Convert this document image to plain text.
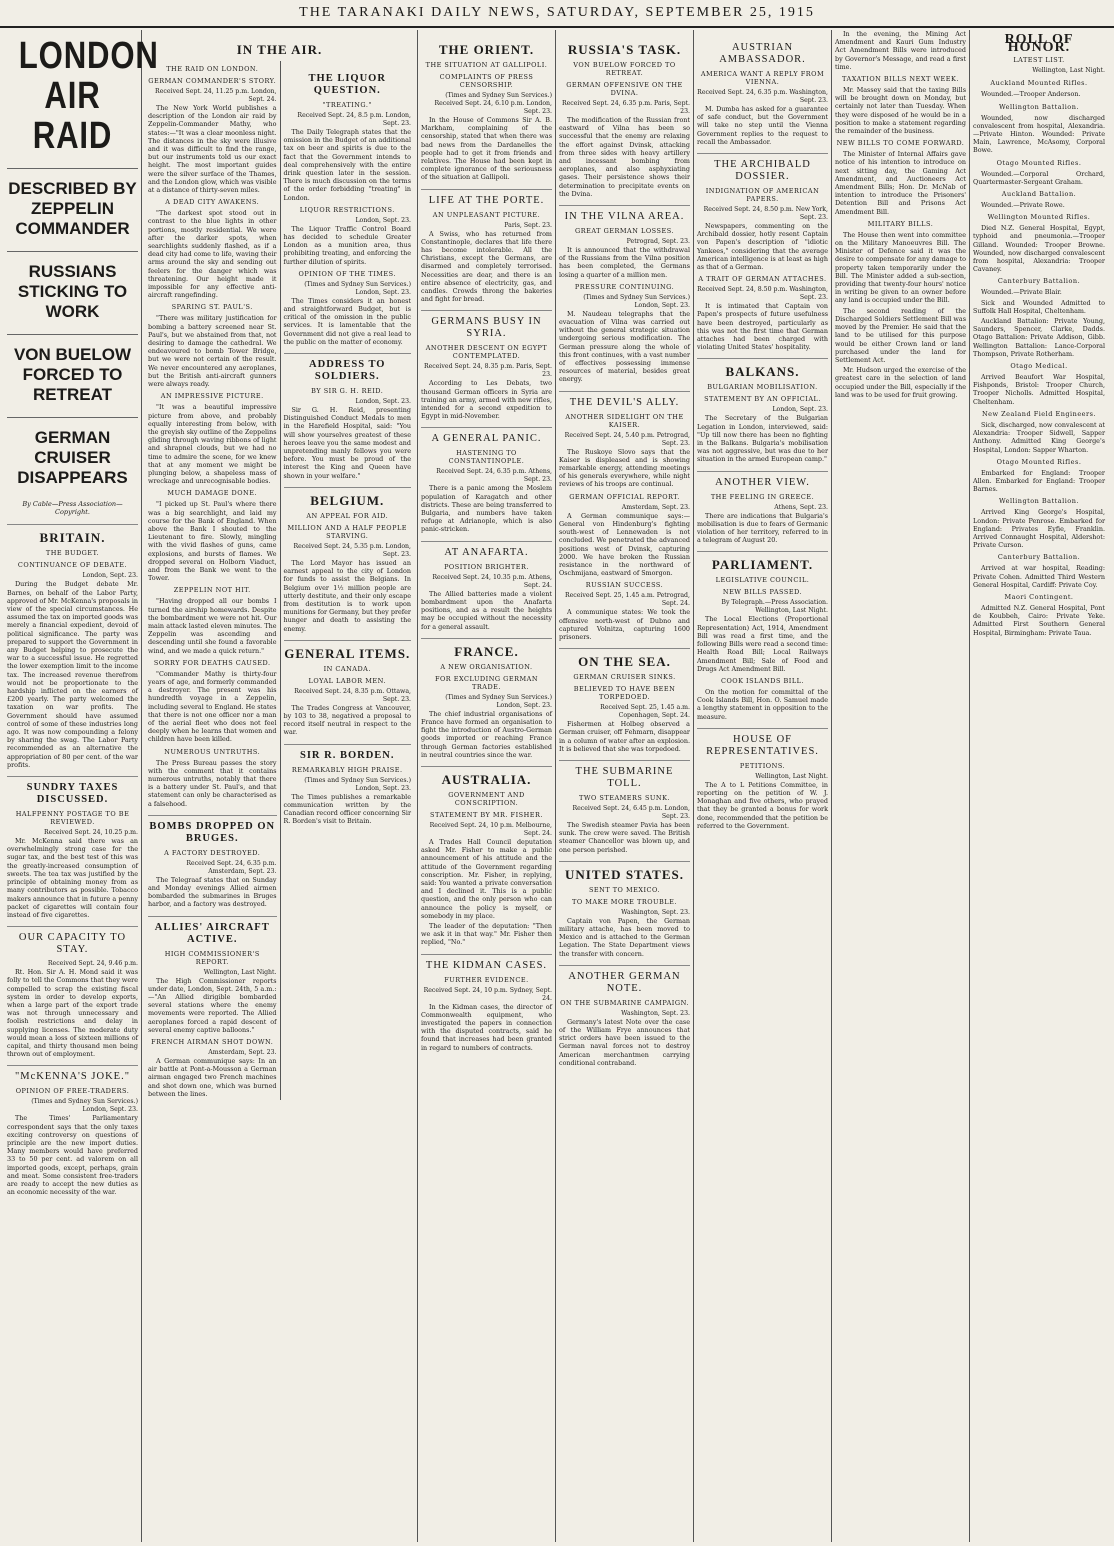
THE TARANAKI DAILY NEWS, SATURDAY, SEPTEMBER 25, 1915
LONDON AIR RAID
DESCRIBED BY ZEPPELIN COMMANDER
RUSSIANS STICKING TO WORK
VON BUELOW FORCED TO RETREAT
GERMAN CRUISER DISAPPEARS
By Cable—Press Association—Copyright.
BRITAIN.
THE BUDGET.
CONTINUANCE OF DEBATE.
London, Sept. 23.

During the Budget debate Mr. Barnes, on behalf of the Labor Party, approved of Mr. McKenna's proposals in view of the special circumstances. He assumed the tax on imported goods was merely a financial expedient, devoid of political significance. The party was prepared to support the Government in any Budget helping to prosecute the war to a successful issue. He regretted the lower exemption limit to the income tax. The increased revenue therefrom would not be proportionate to the hardship inflicted on the earners of £200 yearly. The party welcomed the taxation on war profits. The Government should have assumed control of some of these industries long ago. It was now compounding a felony by sharing the swag. The Labor Party recommended as an alternative the appropriation of 80 per cent. of the war profits.

SUNDRY TAXES DISCUSSED.
HALFPENNY POSTAGE TO BE REVIEWED.
Received Sept. 24, 10.25 p.m.

Mr. McKenna said there was an overwhelmingly strong case for the sugar tax, and the best test of this was the greatly-increased consumption of sweets. The tea tax was justified by the principle of obtaining money from as many contributors as possible. Tobacco makers announce that in future a penny packet of cigarettes will contain four instead of five cigarettes.

OUR CAPACITY TO STAY.
Received Sept. 24, 9.46 p.m.

Rt. Hon. Sir A. H. Mond said it was folly to tell the Commons that they were compelled to scrap the existing fiscal system in order to develop exports, when a large part of the export trade was not through unnecessary and foolish restrictions and delay in supplying licenses. The moderate duty would mean a loss of sixteen millions of capital, and thirty thousand men being thrown out of employment.

"McKENNA'S JOKE."
OPINION OF FREE-TRADERS.
(Times and Sydney Sun Services.) London, Sept. 23.

The Times' Parliamentary correspondent says that the only taxes exciting controversy on questions of principle are the new import duties. Many members would have preferred 33 to 50 per cent. ad valorem on all imported goods, except, perhaps, grain and meat. Some consistent free-traders are ready to accept the new duties as an economic necessity of the war.

IN THE AIR.
THE RAID ON LONDON.
GERMAN COMMANDER'S STORY.
Received Sept. 24, 11.25 p.m. London, Sept. 24.

The New York World publishes a description of the London air raid by Zeppelin-Commander Mathy, who states:—"It was a clear moonless night. The distances in the sky were illusive and it was difficult to find the range, but our instruments told us our exact height. The most important guides were the silver surface of the Thames, and the London glow, which was visible at a distance of thirty-seven miles.

A DEAD CITY AWAKENS.

"The darkest spot stood out in contrast to the blue lights in other portions, mostly residential. We were after the darker spots, when searchlights suddenly flashed, as if a dead city had come to life, waving their arms around the sky and sending out feelers for the danger which was threatening. Our height made it impossible for any effective anti-aircraft rangefinding.

SPARING ST. PAUL'S.

"There was military justification for bombing a battery screened near St. Paul's, but we abstained from that, not desiring to damage the cathedral. We endeavoured to bomb Tower Bridge, but we were not certain of the result. We never encountered any aeroplanes, but the British anti-aircraft gunners were always ready.

AN IMPRESSIVE PICTURE.

"It was a beautiful impressive picture from above, and probably equally interesting from below, with the greyish sky outline of the Zeppelins gliding through waving ribbons of light and shrapnel clouds, but we had no time to admire the scene, for we knew that at any moment we might be plunging below, a shapeless mass of wreckage and unrecognisable bodies.

MUCH DAMAGE DONE.

"I picked up St. Paul's where there was a big searchlight, and laid my course for the Bank of England. When above the Bank I shouted to the Lieutenant to fire. Slowly, mingling with the vivid flashes of guns, came explosions, and bursts of flames. We dropped several on Holborn Viaduct, and from the Bank we went to the Tower.

ZEPPELIN NOT HIT.

"Having dropped all our bombs I turned the airship homewards. Despite the bombardment we were not hit. Our main attack lasted eleven minutes. The Zeppelin was ascending and descending until she found a favorable wind, and we made a quick return."

SORRY FOR DEATHS CAUSED.

"Commander Mathy is thirty-four years of age, and formerly commanded a destroyer. The present was his hundredth voyage in a Zeppelin, including several to England. He states that there is not one officer nor a man of the aerial fleet who does not feel deeply when he learns that women and children have been killed.

NUMEROUS UNTRUTHS.

The Press Bureau passes the story with the comment that it contains numerous untruths, notably that there is a battery under St. Paul's, and that statement can only be characterised as a falsehood.

BOMBS DROPPED ON BRUGES.
A FACTORY DESTROYED.
Received Sept. 24, 6.35 p.m. Amsterdam, Sept. 23.

The Telegraaf states that on Sunday and Monday evenings Allied airmen bombarded the submarines in Bruges harbor, and a factory was destroyed.

ALLIES' AIRCRAFT ACTIVE.
HIGH COMMISSIONER'S REPORT.
Wellington, Last Night.

The High Commissioner reports under date, London, Sept. 24th, 5 a.m.:—"An Allied dirigible bombarded several stations where the enemy movements were reported. The Allied aeroplanes forced a rapid descent of several enemy captive balloons."

FRENCH AIRMAN SHOT DOWN.
Amsterdam, Sept. 23.

A German communique says: In an air battle at Pont-a-Mousson a German airman engaged two French machines and shot down one, which was burned between the lines.

THE LIQUOR QUESTION.
"TREATING."
Received Sept. 24, 8.5 p.m. London, Sept. 23.

The Daily Telegraph states that the omission in the Budget of an additional tax on beer and spirits is due to the fact that the Government intends to deal comprehensively with the entire drink question later in the session. There is much discussion on the terms of the order forbidding "treating" in London.

LIQUOR RESTRICTIONS.
London, Sept. 23.

The Liquor Traffic Control Board has decided to schedule Greater London as a munition area, thus prohibiting treating, and enforcing the further dilution of spirits.

OPINION OF THE TIMES.
(Times and Sydney Sun Services.) London, Sept. 23.

The Times considers it an honest and straightforward Budget, but is critical of the omission in the public services. It is lamentable that the Government did not give a real lead to the public on the matter of economy.

ADDRESS TO SOLDIERS.
BY SIR G. H. REID.
London, Sept. 23.

Sir G. H. Reid, presenting Distinguished Conduct Medals to men in the Harefield Hospital, said: "You will show yourselves greatest of these heroes leave you the same modest and unpretending manly fellows you were before. You must be proud of the interest the King and Queen have shown in your welfare."

BELGIUM.
AN APPEAL FOR AID.
MILLION AND A HALF PEOPLE STARVING.
Received Sept. 24, 5.35 p.m. London, Sept. 23.

The Lord Mayor has issued an earnest appeal to the city of London for funds to assist the Belgians. In Belgium over 1½ million people are utterly destitute, and their only escape from destitution is to work upon munitions for Germany, but they prefer hunger and death to assisting the enemy.

GENERAL ITEMS.
IN CANADA.
LOYAL LABOR MEN.
Received Sept. 24, 8.35 p.m. Ottawa, Sept. 23.

The Trades Congress at Vancouver, by 103 to 38, negatived a proposal to record itself neutral in respect to the war.

SIR R. BORDEN.
REMARKABLY HIGH PRAISE.
(Times and Sydney Sun Services.) London, Sept. 23.

The Times publishes a remarkable communication written by the Canadian record officer concerning Sir R. Borden's visit to Britain.

THE ORIENT.
THE SITUATION AT GALLIPOLI.
COMPLAINTS OF PRESS CENSORSHIP.
(Times and Sydney Sun Services.) Received Sept. 24, 6.10 p.m. London, Sept. 23.

In the House of Commons Sir A. B. Markham, complaining of the censorship, stated that when there was bad news from the Dardanelles the people had to get it from friends and relatives. The House had been kept in complete ignorance of the seriousness of the situation at Gallipoli.

LIFE AT THE PORTE.
AN UNPLEASANT PICTURE.
Paris, Sept. 23.

A Swiss, who has returned from Constantinople, declares that life there has become intolerable. All the Christians, except the Germans, are disarmed and completely terrorised. Necessities are dear, and there is an entire absence of electricity, gas, and candles. Crowds throng the bakeries and fight for bread.

GERMANS BUSY IN SYRIA.
ANOTHER DESCENT ON EGYPT CONTEMPLATED.
Received Sept. 24, 8.35 p.m. Paris, Sept. 23.

According to Les Debats, two thousand German officers in Syria are training an army, armed with new rifles, intended for a second expedition to Egypt in mid-November.

A GENERAL PANIC.
HASTENING TO CONSTANTINOPLE.
Received Sept. 24, 6.35 p.m. Athens, Sept. 23.

There is a panic among the Moslem population of Karagatch and other districts. These are being transferred to Bulgaria, and numbers have taken refuge at Adrianople, which is also panic-stricken.

AT ANAFARTA.
POSITION BRIGHTER.
Received Sept. 24, 10.35 p.m. Athens, Sept. 24.

The Allied batteries made a violent bombardment upon the Anafarta positions, and as a result the heights may be occupied without the necessity for a general assault.

FRANCE.
A NEW ORGANISATION.
FOR EXCLUDING GERMAN TRADE.
(Times and Sydney Sun Services.) London, Sept. 23.

The chief industrial organisations of France have formed an organisation to fight the introduction of Austro-German goods imported or reaching France through German factories established in neutral countries since the war.

AUSTRALIA.
GOVERNMENT AND CONSCRIPTION.
STATEMENT BY MR. FISHER.
Received Sept. 24, 10 p.m. Melbourne, Sept. 24.

A Trades Hall Council deputation asked Mr. Fisher to make a public announcement of his attitude and the attitude of the Government regarding conscription. Mr. Fisher, in replying, said: You wanted a private conversation and I declined it. This is a public question, and the only person who can announce the policy is myself, or somebody in my place.

The leader of the deputation: "Then we ask it in that way." Mr. Fisher then replied, "No."

THE KIDMAN CASES.
FURTHER EVIDENCE.
Received Sept. 24, 10 p.m. Sydney, Sept. 24.

In the Kidman cases, the director of Commonwealth equipment, who investigated the papers in connection with the disputed contracts, said he found that increases had been granted in regard to numbers of contracts.

RUSSIA'S TASK.
VON BUELOW FORCED TO RETREAT.
GERMAN OFFENSIVE ON THE DVINA.
Received Sept. 24, 6.35 p.m. Paris, Sept. 23.

The modification of the Russian front eastward of Vilna has been so successful that the enemy are relaxing the effort against Dvinsk, attacking from three sides with heavy artillery and incessant bombing from aeroplanes, and also asphyxiating gases. Their persistence shows their determination to precipitate events on the Dvina.

IN THE VILNA AREA.
GREAT GERMAN LOSSES.
Petrograd, Sept. 23.

It is announced that the withdrawal of the Russians from the Vilna position has been completed, the Germans losing a quarter of a million men.

PRESSURE CONTINUING.
(Times and Sydney Sun Services.) London, Sept. 23.

M. Naudeau telegraphs that the evacuation of Vilna was carried out without the general strategic situation undergoing serious modification. The German pressure along the whole of this front continues, with a vast number of effectives possessing immense resources of material, besides great energy.

THE DEVIL'S ALLY.
ANOTHER SIDELIGHT ON THE KAISER.
Received Sept. 24, 5.40 p.m. Petrograd, Sept. 23.

The Ruskoye Slovo says that the Kaiser is displeased and is showing remarkable energy, attending meetings of his generals everywhere, while night reviews of his troops are continual.

GERMAN OFFICIAL REPORT.
Amsterdam, Sept. 23.

A German communique says:—General von Hindenburg's fighting south-west of Lennewaden is not concluded. We penetrated the advanced positions west of Dvinsk, capturing 2000. We have broken the Russian resistance in the northward of Oschmijana, eastward of Smorgon.

RUSSIAN SUCCESS.
Received Sept. 25, 1.45 a.m. Petrograd, Sept. 24.

A communique states: We took the offensive north-west of Dubno and captured Volnitza, capturing 1600 prisoners.

ON THE SEA.
GERMAN CRUISER SINKS.
BELIEVED TO HAVE BEEN TORPEDOED.
Received Sept. 25, 1.45 a.m. Copenhagen, Sept. 24.

Fishermen at Holbeg observed a German cruiser, off Fehmarn, disappear in a column of water after an explosion. It is believed that she was torpedoed.

THE SUBMARINE TOLL.
TWO STEAMERS SUNK.
Received Sept. 24, 6.45 p.m. London, Sept. 23.

The Swedish steamer Pavia has been sunk. The crew were saved. The British steamer Chancellor was blown up, and one person perished.

UNITED STATES.
SENT TO MEXICO.
TO MAKE MORE TROUBLE.
Washington, Sept. 23.

Captain von Papen, the German military attache, has been moved to Mexico and is attached to the German Legation. The State Department views the transfer with concern.

ANOTHER GERMAN NOTE.
ON THE SUBMARINE CAMPAIGN.
Washington, Sept. 23.

Germany's latest Note over the case of the William Frye announces that strict orders have been issued to the German naval forces not to destroy American merchantmen carrying conditional contraband.

AUSTRIAN AMBASSADOR.
AMERICA WANT A REPLY FROM VIENNA.
Received Sept. 24, 6.35 p.m. Washington, Sept. 23.

M. Dumba has asked for a guarantee of safe conduct, but the Government will take no step until the Vienna Government replies to the request to recall the Ambassador.

THE ARCHIBALD DOSSIER.
INDIGNATION OF AMERICAN PAPERS.
Received Sept. 24, 8.50 p.m. New York, Sept. 23.

Newspapers, commenting on the Archibald dossier, hotly resent Captain von Papen's description of "idiotic Yankees," considering that the average American intelligence is at least as high as that of a German.

A TRAIT OF GERMAN ATTACHES.
Received Sept. 24, 8.50 p.m. Washington, Sept. 23.

It is intimated that Captain von Papen's prospects of future usefulness have been destroyed, particularly as this was not the first time that German attaches had been charged with violating United States' hospitality.

BALKANS.
BULGARIAN MOBILISATION.
STATEMENT BY AN OFFICIAL.
London, Sept. 23.

The Secretary of the Bulgarian Legation in London, interviewed, said: "Up till now there has been no fighting in the Balkans. Bulgaria's mobilisation was not aggressive, but was due to her situation in the armed European camp."

ANOTHER VIEW.
THE FEELING IN GREECE.
Athens, Sept. 23.

There are indications that Bulgaria's mobilisation is due to fears of Germanic violation of her territory, referred to in a telegram of August 20.

PARLIAMENT.
LEGISLATIVE COUNCIL.
NEW BILLS PASSED.
By Telegraph.—Press Association. Wellington, Last Night.

The Local Elections (Proportional Representation) Act, 1914, Amendment Bill was read a first time, and the following Bills were read a second time: Health Road Bill; Local Railways Amendment Bill; Sale of Food and Drugs Act Amendment Bill.

COOK ISLANDS BILL.

On the motion for committal of the Cook Islands Bill, Hon. O. Samuel made a lengthy statement in opposition to the measure.

HOUSE OF REPRESENTATIVES.
PETITIONS.
Wellington, Last Night.

The A to L Petitions Committee, in reporting on the petition of W. J. Monaghan and five others, who prayed that they be granted a bonus for work done, recommended that the petition be referred to the Government.

In the evening, the Mining Act Amendment and Kauri Gum Industry Act Amendment Bills were introduced by Governor's Message, and read a first time.

TAXATION BILLS NEXT WEEK.

Mr. Massey said that the taxing Bills will be brought down on Monday, but certainly not later than Tuesday. When they were disposed of he would be in a position to make a statement regarding the remainder of the business.

NEW BILLS TO COME FORWARD.

The Minister of Internal Affairs gave notice of his intention to introduce on next sitting day, the Gaming Act Amendment, and Auctioneers Act Amendment Bills; Hon. Dr. McNab of intention to introduce the Prisoners' Detention Bill and Prisons Act Amendment Bill.

MILITARY BILLS.

The House then went into committee on the Military Manoeuvres Bill. The Minister of Defence said it was the desire to compensate for any damage to property taken temporarily under the Bill. The Minister added a sub-section, providing that twenty-four hours' notice in writing be given to an owner before any land is occupied under the Bill.

The second reading of the Discharged Soldiers Settlement Bill was moved by the Premier. He said that the land to be utilised for this purpose would be either Crown land or land purchased under the land for Settlement Act.

Mr. Hudson urged the exercise of the greatest care in the selection of land occupied under the Bill, especially if the land was to be used for fruit growing.

ROLL OF HONOR.
LATEST LIST.
Wellington, Last Night.
Auckland Mounted Rifles.

Wounded.—Trooper Anderson.

Wellington Battalion.

Wounded, now discharged convalescent from hospital, Alexandria.—Private Hinton. Wounded: Private Main, Lawrence, McAsomy, Corporal Bowe.

Otago Mounted Rifles.

Wounded.—Corporal Orchard, Quartermaster-Sergeant Graham.

Auckland Battalion.

Wounded.—Private Rowe.

Wellington Mounted Rifles.

Died N.Z. General Hospital, Egypt, typhoid and pneumonia.—Trooper Gilland. Wounded: Trooper Browne. Wounded, now discharged convalescent from hospital, Alexandria: Trooper Cavaney.

Canterbury Battalion.

Wounded.—Private Blair.

Sick and Wounded Admitted to Suffolk Hall Hospital, Cheltenham.

Auckland Battalion: Private Young, Saunders, Spencer, Clarke, Dadds. Otago Battalion: Private Addison, Gibb. Wellington Battalion: Lance-Corporal Thompson, Private Rotherham.

Otago Medical.

Arrived Beaufort War Hospital, Fishponds, Bristol: Trooper Church, Trooper Nicholls. Admitted Hospital, Cheltenham.

New Zealand Field Engineers.

Sick, discharged, now convalescent at Alexandria: Trooper Sidwell, Sapper Anthony. Admitted King George's Hospital, London: Sapper Wharton.

Otago Mounted Rifles.

Embarked for England: Trooper Allen. Embarked for England: Trooper Barnes.

Wellington Battalion.

Arrived King George's Hospital, London: Private Penrose. Embarked for England: Privates Eyfie, Franklin. Arrived Connaught Hospital, Aldershot: Private Curson.

Canterbury Battalion.

Arrived at war hospital, Reading: Private Cohen. Admitted Third Western General Hospital, Cardiff: Private Coy.

Maori Contingent.

Admitted N.Z. General Hospital, Pont de Koubbeh, Cairo: Private Yeke. Admitted First Southern General Hospital, Birmingham: Private Taua.
